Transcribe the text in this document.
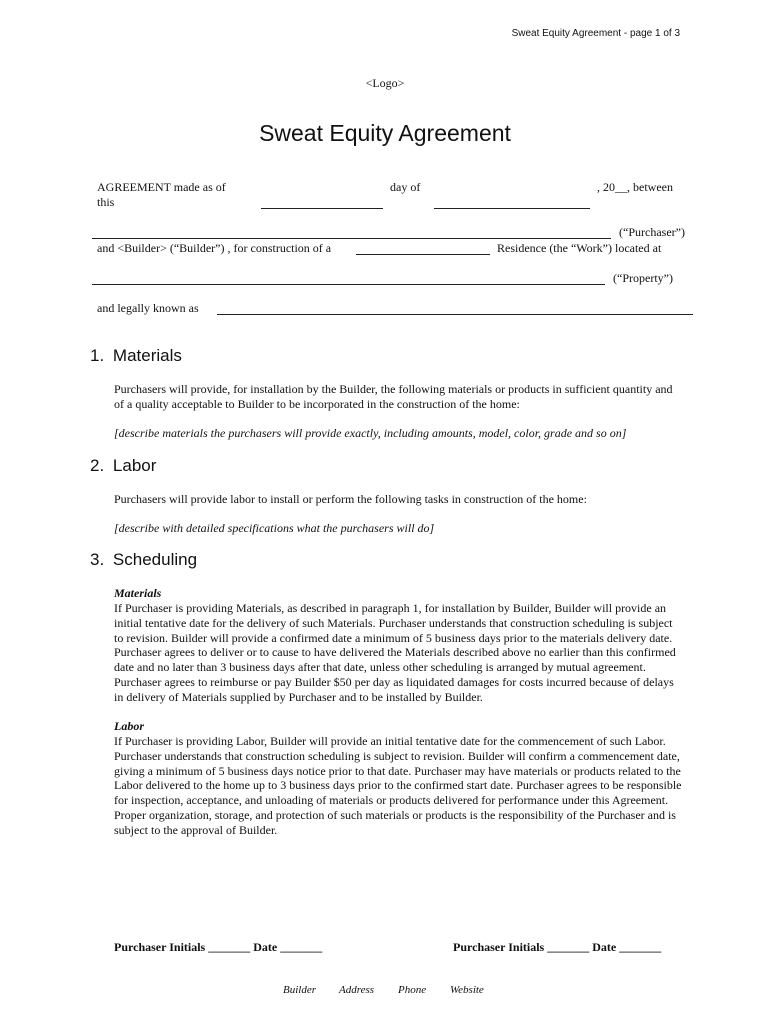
Sweat Equity Agreement - page 1 of 3
<Logo>
Sweat Equity Agreement
AGREEMENT made as of
this
day of	, 20__, between
(“Purchaser”)
and <Builder> (“Builder”) , for construction of a	Residence (the “Work”) located at
(“Property”)
and legally known as
1. Materials
Purchasers will provide, for installation by the Builder, the following materials or products in sufficient quantity and of a quality acceptable to Builder to be incorporated in the construction of the home:
[describe materials the purchasers will provide exactly, including amounts, model, color, grade and so on]
2. Labor
Purchasers will provide labor to install or perform the following tasks in construction of the home:
[describe with detailed specifications what the purchasers will do]
3. Scheduling
Materials
If Purchaser is providing Materials, as described in paragraph 1, for installation by Builder, Builder will provide an initial tentative date for the delivery of such Materials. Purchaser understands that construction scheduling is subject to revision. Builder will provide a confirmed date a minimum of 5 business days prior to the materials delivery date. Purchaser agrees to deliver or to cause to have delivered the Materials described above no earlier than this confirmed date and no later than 3 business days after that date, unless other scheduling is arranged by mutual agreement. Purchaser agrees to reimburse or pay Builder $50 per day as liquidated damages for costs incurred because of delays in delivery of Materials supplied by Purchaser and to be installed by Builder.
Labor
If Purchaser is providing Labor, Builder will provide an initial tentative date for the commencement of such Labor. Purchaser understands that construction scheduling is subject to revision. Builder will confirm a commencement date, giving a minimum of 5 business days notice prior to that date. Purchaser may have materials or products related to the Labor delivered to the home up to 3 business days prior to the confirmed start date. Purchaser agrees to be responsible for inspection, acceptance, and unloading of materials or products delivered for performance under this Agreement. Proper organization, storage, and protection of such materials or products is the responsibility of the Purchaser and is subject to the approval of Builder.
Purchaser Initials _______ Date _______	Purchaser Initials _______ Date _______
Builder Address Phone Website
